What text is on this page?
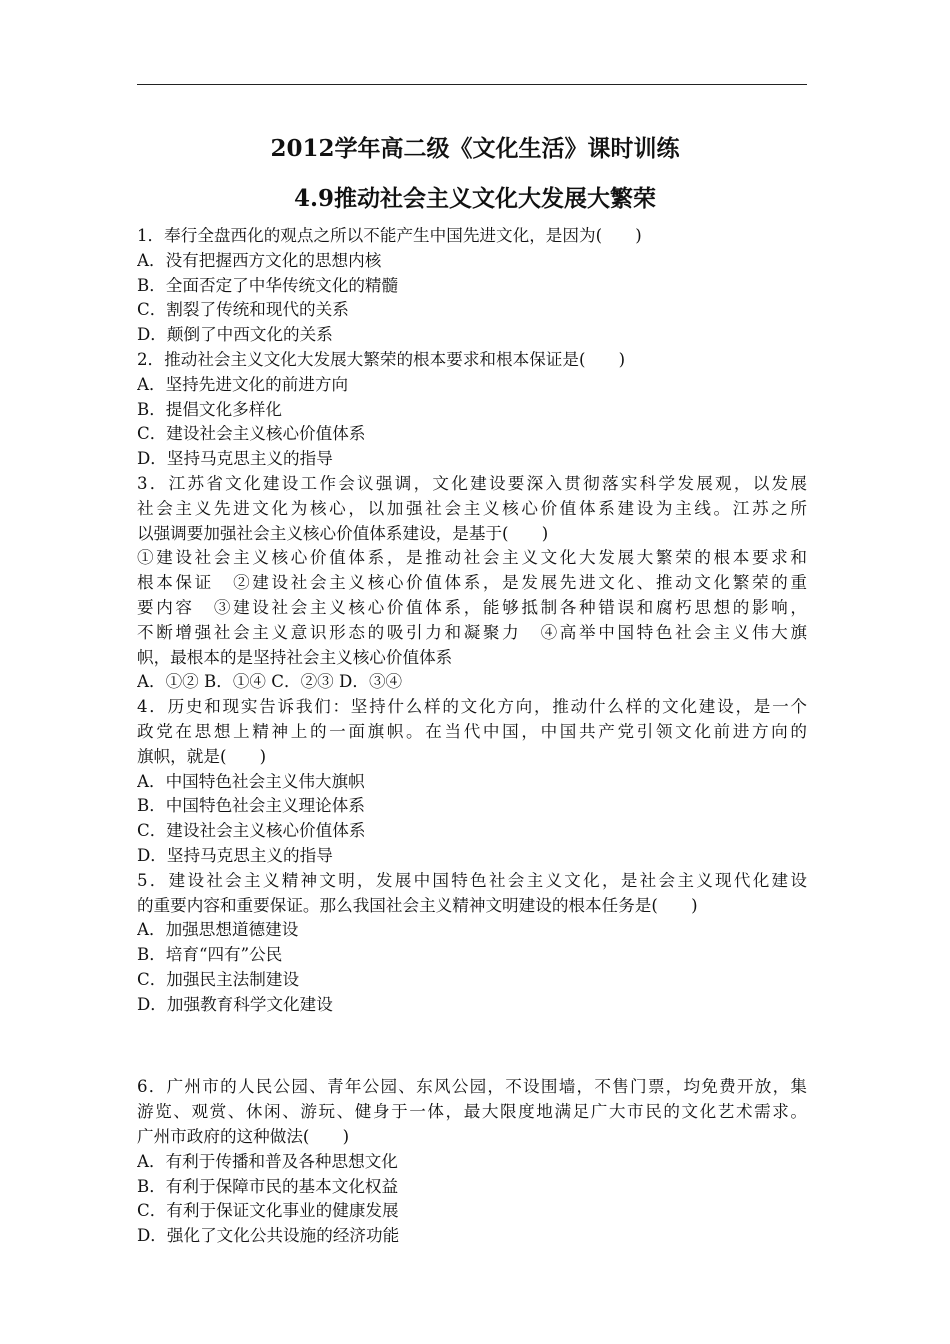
2012学年高二级《文化生活》课时训练
4.9推动社会主义文化大发展大繁荣

1．奉行全盘西化的观点之所以不能产生中国先进文化，是因为(　　)

A．没有把握西方文化的思想内核

B．全面否定了中华传统文化的精髓

C．割裂了传统和现代的关系

D．颠倒了中西文化的关系

2．推动社会主义文化大发展大繁荣的根本要求和根本保证是(　　)

A．坚持先进文化的前进方向

B．提倡文化多样化

C．建设社会主义核心价值体系

D．坚持马克思主义的指导

3．江苏省文化建设工作会议强调，文化建设要深入贯彻落实科学发展观，以发展

社会主义先进文化为核心，以加强社会主义核心价值体系建设为主线。江苏之所

以强调要加强社会主义核心价值体系建设，是基于(　　)

①建设社会主义核心价值体系，是推动社会主义文化大发展大繁荣的根本要求和

根本保证　②建设社会主义核心价值体系，是发展先进文化、推动文化繁荣的重

要内容　③建设社会主义核心价值体系，能够抵制各种错误和腐朽思想的影响，

不断增强社会主义意识形态的吸引力和凝聚力　④高举中国特色社会主义伟大旗

帜，最根本的是坚持社会主义核心价值体系

A．①② B．①④ C．②③ D．③④

4．历史和现实告诉我们：坚持什么样的文化方向，推动什么样的文化建设，是一个

政党在思想上精神上的一面旗帜。在当代中国，中国共产党引领文化前进方向的

旗帜，就是(　　)

A．中国特色社会主义伟大旗帜

B．中国特色社会主义理论体系

C．建设社会主义核心价值体系

D．坚持马克思主义的指导

5．建设社会主义精神文明，发展中国特色社会主义文化，是社会主义现代化建设

的重要内容和重要保证。那么我国社会主义精神文明建设的根本任务是(　　)

A．加强思想道德建设

B．培育“四有”公民

C．加强民主法制建设

D．加强教育科学文化建设

6．广州市的人民公园、青年公园、东风公园，不设围墙，不售门票，均免费开放，集

游览、观赏、休闲、游玩、健身于一体，最大限度地满足广大市民的文化艺术需求。

广州市政府的这种做法(　　)

A．有利于传播和普及各种思想文化

B．有利于保障市民的基本文化权益

C．有利于保证文化事业的健康发展

D．强化了文化公共设施的经济功能
